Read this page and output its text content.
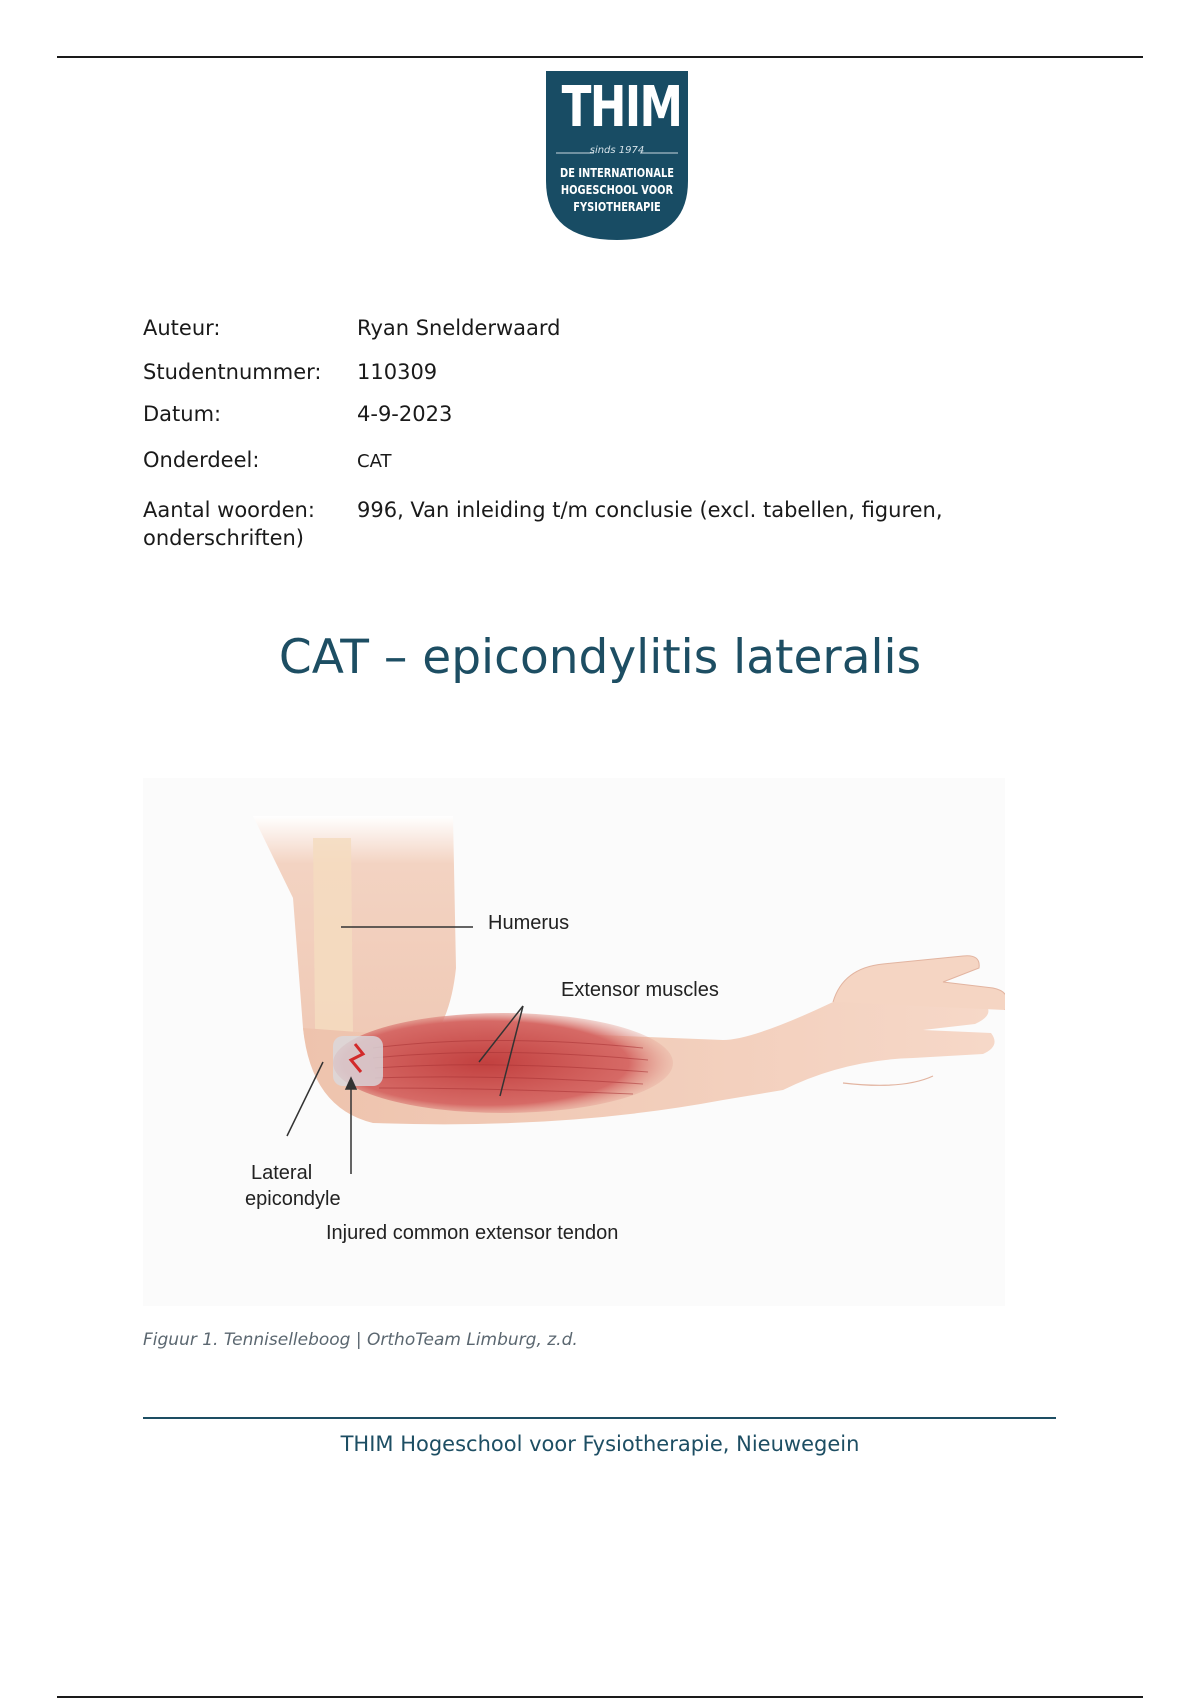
THIM
sinds 1974
DE INTERNATIONALE
HOGESCHOOL VOOR
FYSIOTHERAPIE
Auteur:	Ryan Snelderwaard
Studentnummer:	110309
Datum:	4-9-2023
Onderdeel:	CAT
Aantal woorden:	996, Van inleiding t/m conclusie (excl. tabellen, figuren,
onderschriften)
CAT – epicondylitis lateralis
Humerus
Extensor muscles
Lateral
epicondyle
Injured common extensor tendon
Figuur 1. Tenniselleboog | OrthoTeam Limburg, z.d.
THIM Hogeschool voor Fysiotherapie, Nieuwegein
